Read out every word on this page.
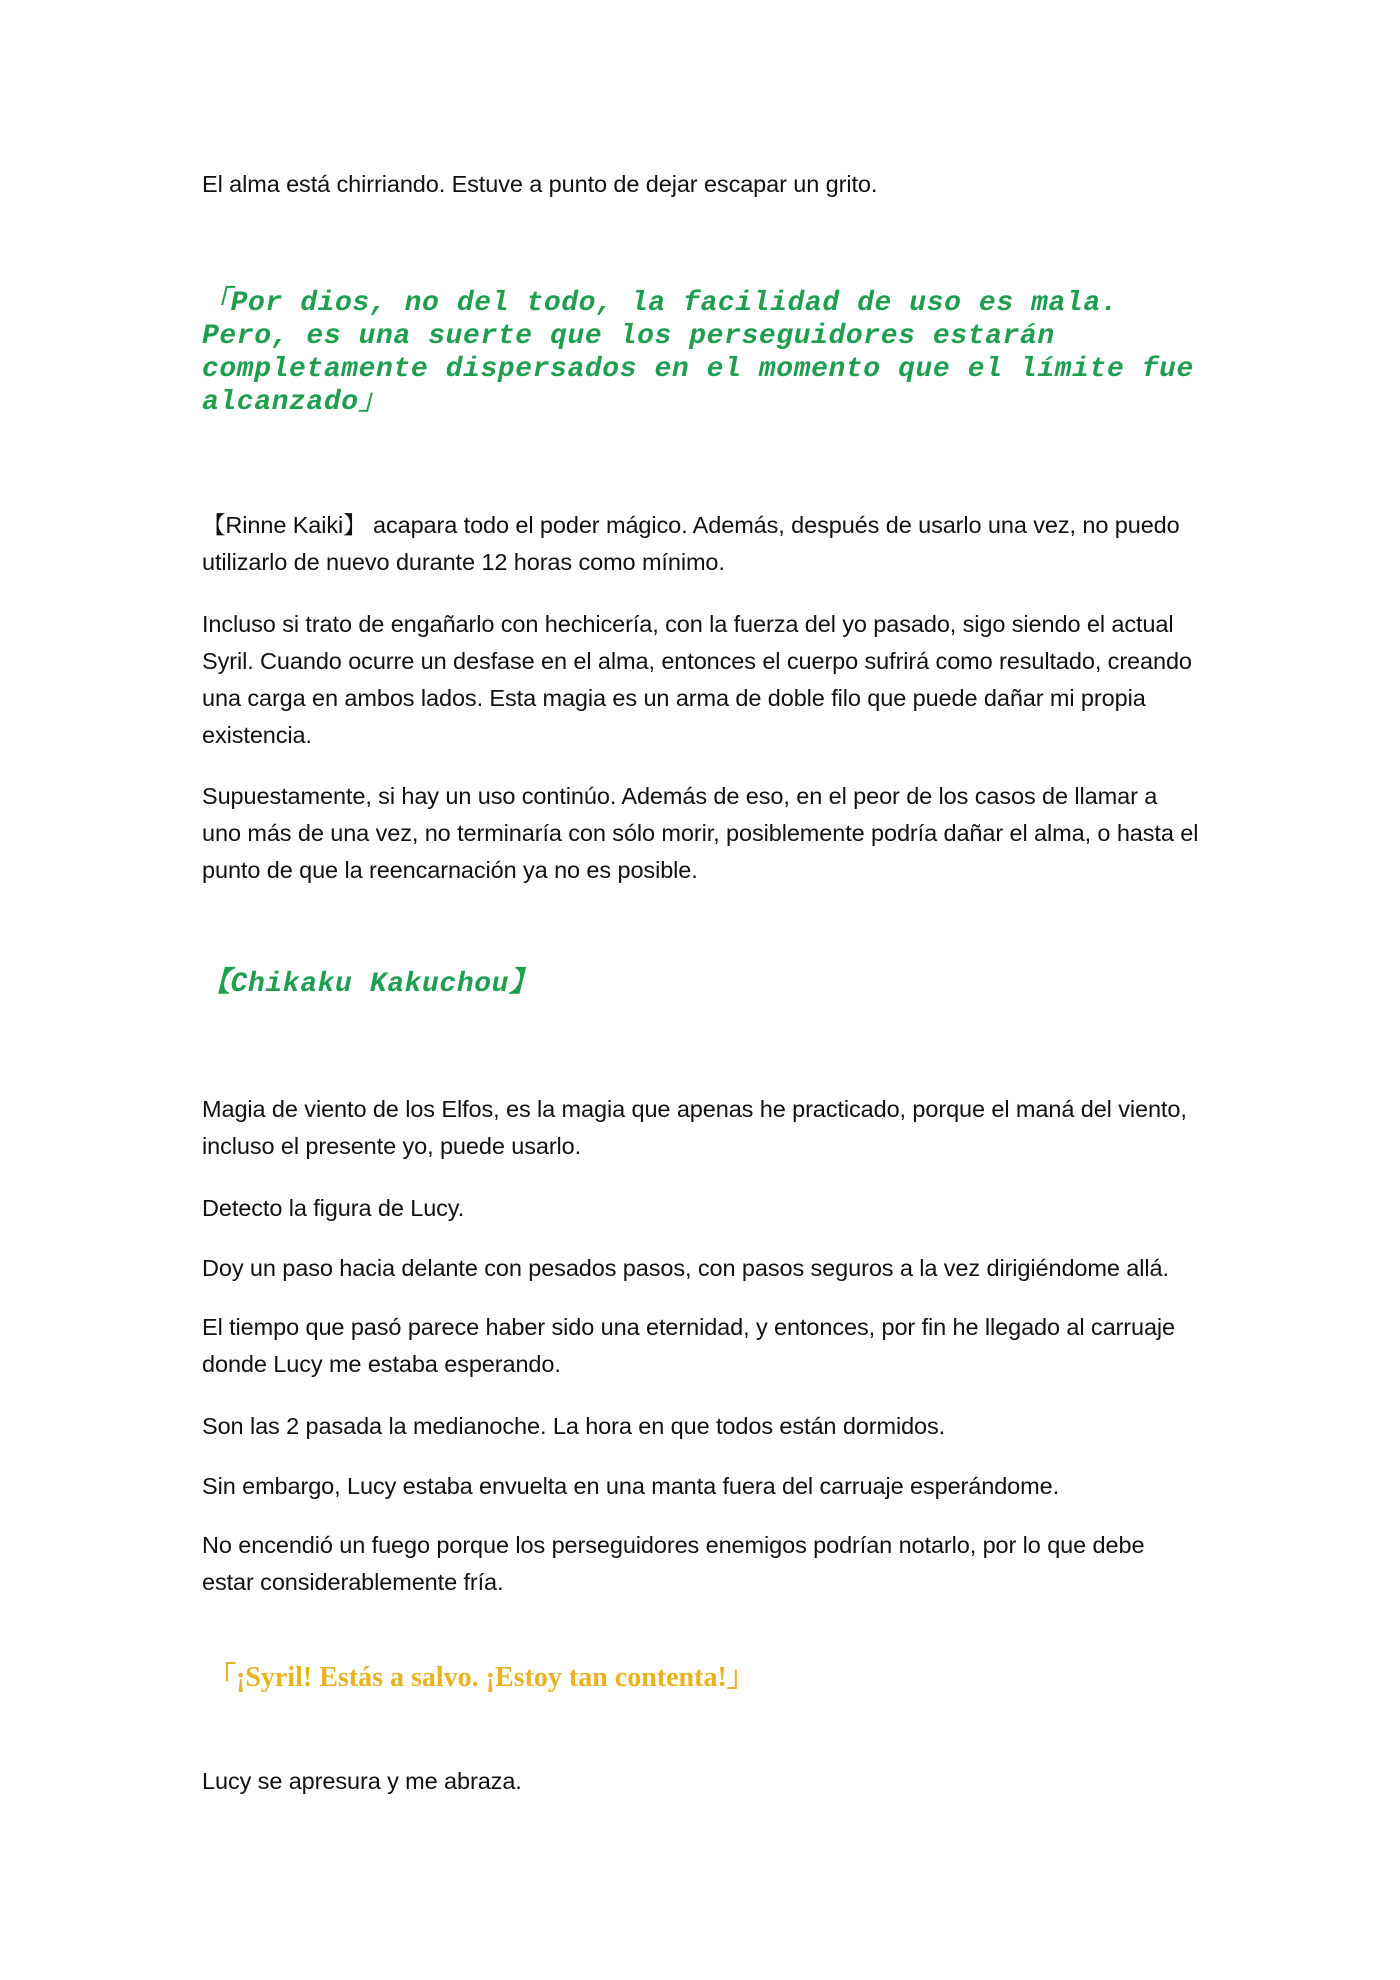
El alma está chirriando. Estuve a punto de dejar escapar un grito.

「Por dios, no del todo, la facilidad de uso es mala. Pero, es una suerte que los perseguidores estarán completamente dispersados en el momento que el límite fue alcanzado」

【Rinne Kaiki】 acapara todo el poder mágico. Además, después de usarlo una vez, no puedo utilizarlo de nuevo durante 12 horas como mínimo.

Incluso si trato de engañarlo con hechicería, con la fuerza del yo pasado, sigo siendo el actual Syril. Cuando ocurre un desfase en el alma, entonces el cuerpo sufrirá como resultado, creando una carga en ambos lados. Esta magia es un arma de doble filo que puede dañar mi propia existencia.

Supuestamente, si hay un uso continúo. Además de eso, en el peor de los casos de llamar a uno más de una vez, no terminaría con sólo morir, posiblemente podría dañar el alma, o hasta el punto de que la reencarnación ya no es posible.

【Chikaku Kakuchou】

Magia de viento de los Elfos, es la magia que apenas he practicado, porque el maná del viento, incluso el presente yo, puede usarlo.

Detecto la figura de Lucy.

Doy un paso hacia delante con pesados pasos, con pasos seguros a la vez dirigiéndome allá.

El tiempo que pasó parece haber sido una eternidad, y entonces, por fin he llegado al carruaje donde Lucy me estaba esperando.

Son las 2 pasada la medianoche. La hora en que todos están dormidos.

Sin embargo, Lucy estaba envuelta en una manta fuera del carruaje esperándome.

No encendió un fuego porque los perseguidores enemigos podrían notarlo, por lo que debe estar considerablemente fría.

「¡Syril! Estás a salvo. ¡Estoy tan contenta!」

Lucy se apresura y me abraza.
